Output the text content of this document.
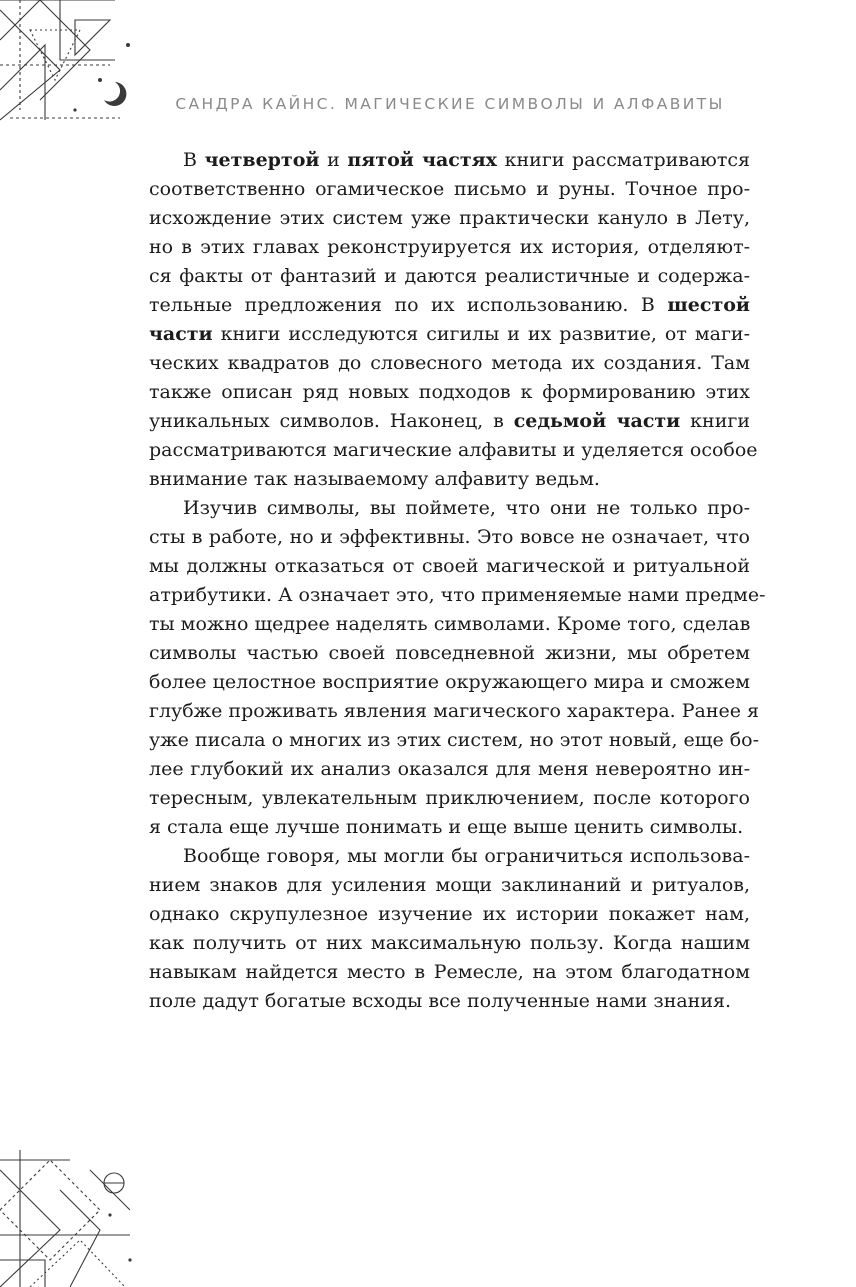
САНДРА КАЙНС. МАГИЧЕСКИЕ СИМВОЛЫ И АЛФАВИТЫ
В четвертой и пятой частях книги рассматриваются
соответственно огамическое письмо и руны. Точное про-
исхождение этих систем уже практически кануло в Лету,
но в этих главах реконструируется их история, отделяют-
ся факты от фантазий и даются реалистичные и содержа-
тельные предложения по их использованию. В шестой
части книги исследуются сигилы и их развитие, от маги-
ческих квадратов до словесного метода их создания. Там
также описан ряд новых подходов к формированию этих
уникальных символов. Наконец, в седьмой части книги
рассматриваются магические алфавиты и уделяется особое
внимание так называемому алфавиту ведьм.
Изучив символы, вы поймете, что они не только про-
сты в работе, но и эффективны. Это вовсе не означает, что
мы должны отказаться от своей магической и ритуальной
атрибутики. А означает это, что применяемые нами предме-
ты можно щедрее наделять символами. Кроме того, сделав
символы частью своей повседневной жизни, мы обретем
более целостное восприятие окружающего мира и сможем
глубже проживать явления магического характера. Ранее я
уже писала о многих из этих систем, но этот новый, еще бо-
лее глубокий их анализ оказался для меня невероятно ин-
тересным, увлекательным приключением, после которого
я стала еще лучше понимать и еще выше ценить символы.
Вообще говоря, мы могли бы ограничиться использова-
нием знаков для усиления мощи заклинаний и ритуалов,
однако скрупулезное изучение их истории покажет нам,
как получить от них максимальную пользу. Когда нашим
навыкам найдется место в Ремесле, на этом благодатном
поле дадут богатые всходы все полученные нами знания.
